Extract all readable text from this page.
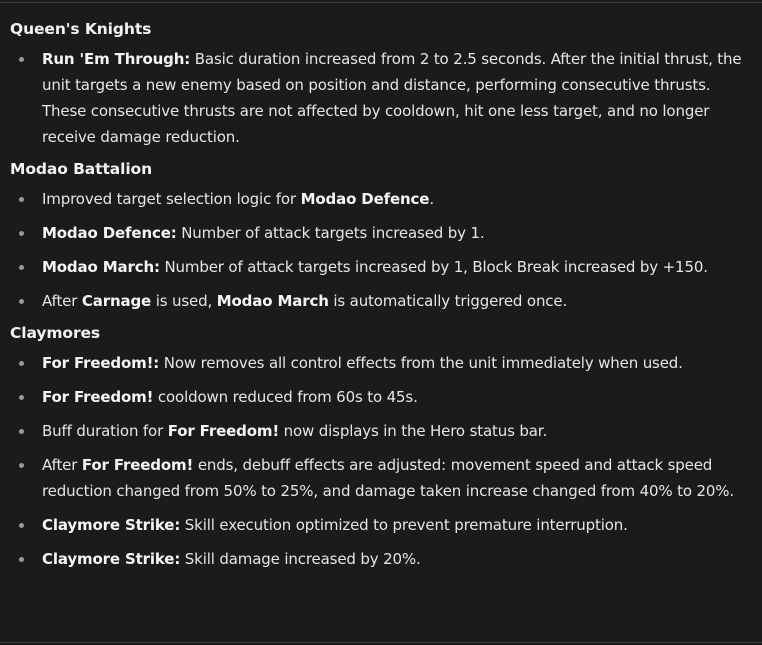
Queen's Knights
Run 'Em Through: Basic duration increased from 2 to 2.5 seconds. After the initial thrust, the unit targets a new enemy based on position and distance, performing consecutive thrusts. These consecutive thrusts are not affected by cooldown, hit one less target, and no longer receive damage reduction.
Modao Battalion
Improved target selection logic for Modao Defence.
Modao Defence: Number of attack targets increased by 1.
Modao March: Number of attack targets increased by 1, Block Break increased by +150.
After Carnage is used, Modao March is automatically triggered once.
Claymores
For Freedom!: Now removes all control effects from the unit immediately when used.
For Freedom! cooldown reduced from 60s to 45s.
Buff duration for For Freedom! now displays in the Hero status bar.
After For Freedom! ends, debuff effects are adjusted: movement speed and attack speed reduction changed from 50% to 25%, and damage taken increase changed from 40% to 20%.
Claymore Strike: Skill execution optimized to prevent premature interruption.
Claymore Strike: Skill damage increased by 20%.
